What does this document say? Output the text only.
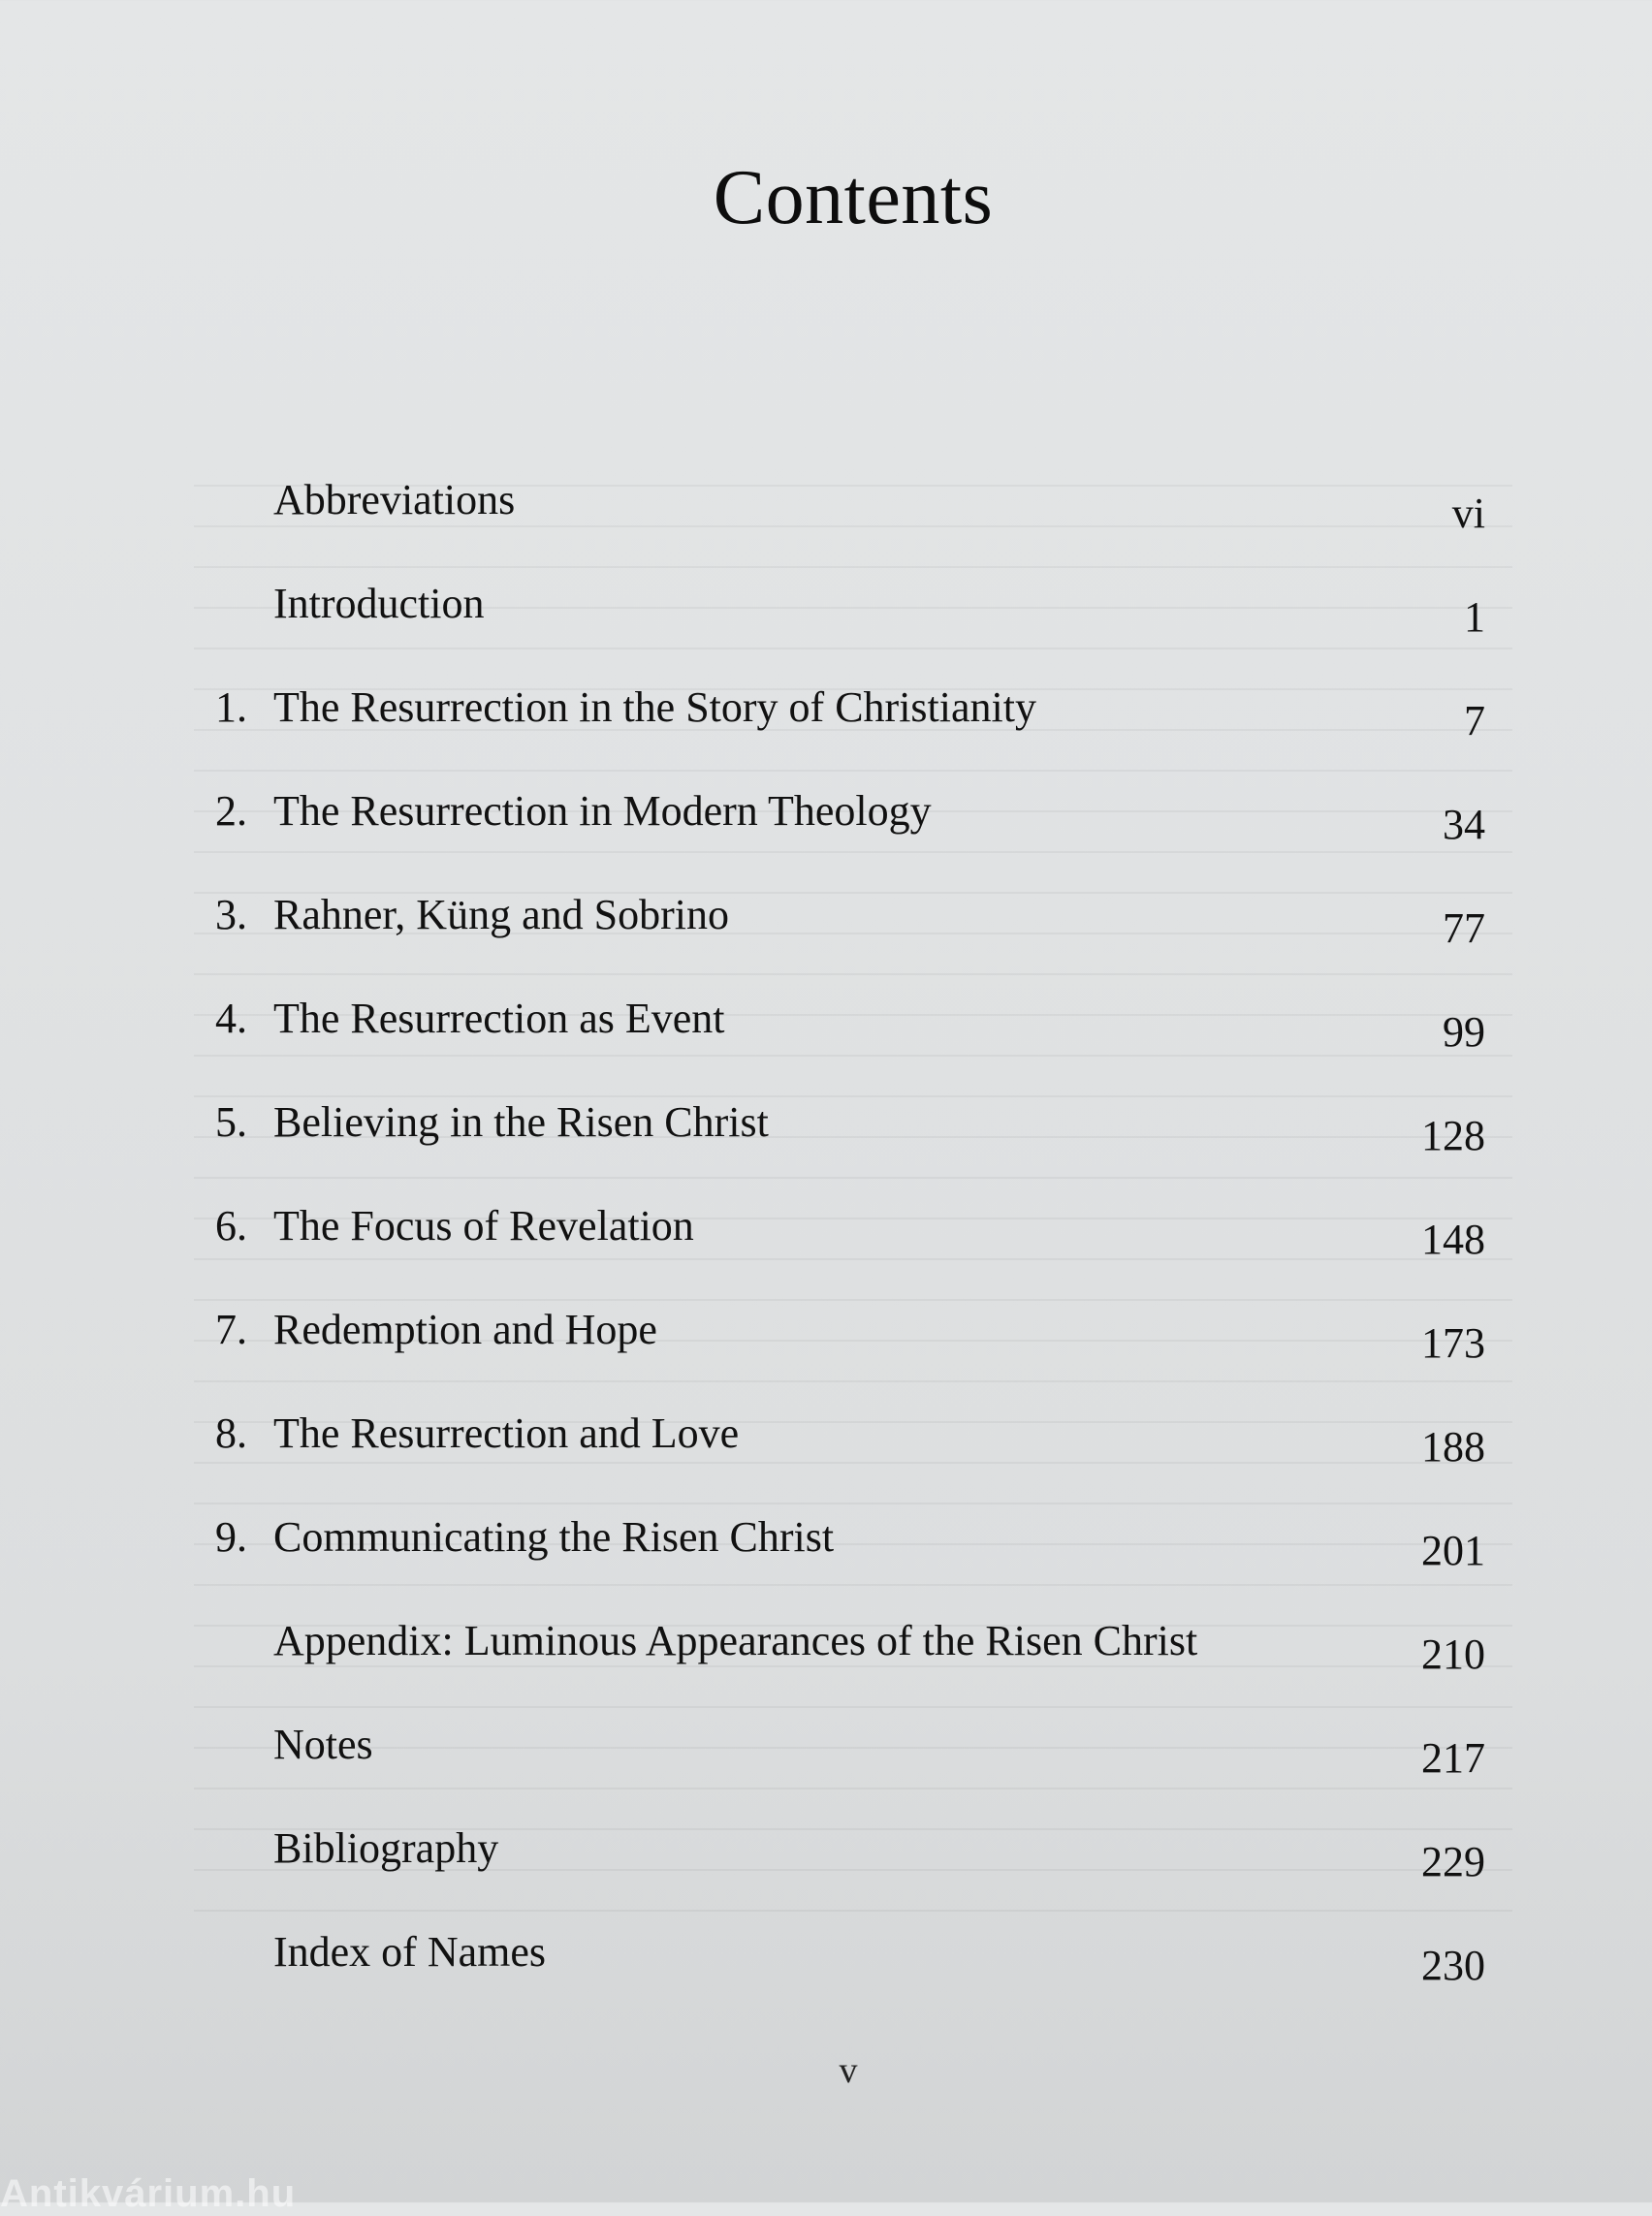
Contents
Abbreviations	vi
Introduction	1
1. The Resurrection in the Story of Christianity	7
2. The Resurrection in Modern Theology	34
3. Rahner, Küng and Sobrino	77
4. The Resurrection as Event	99
5. Believing in the Risen Christ	128
6. The Focus of Revelation	148
7. Redemption and Hope	173
8. The Resurrection and Love	188
9. Communicating the Risen Christ	201
Appendix: Luminous Appearances of the Risen Christ	210
Notes	217
Bibliography	229
Index of Names	230
v
Antikvárium.hu
